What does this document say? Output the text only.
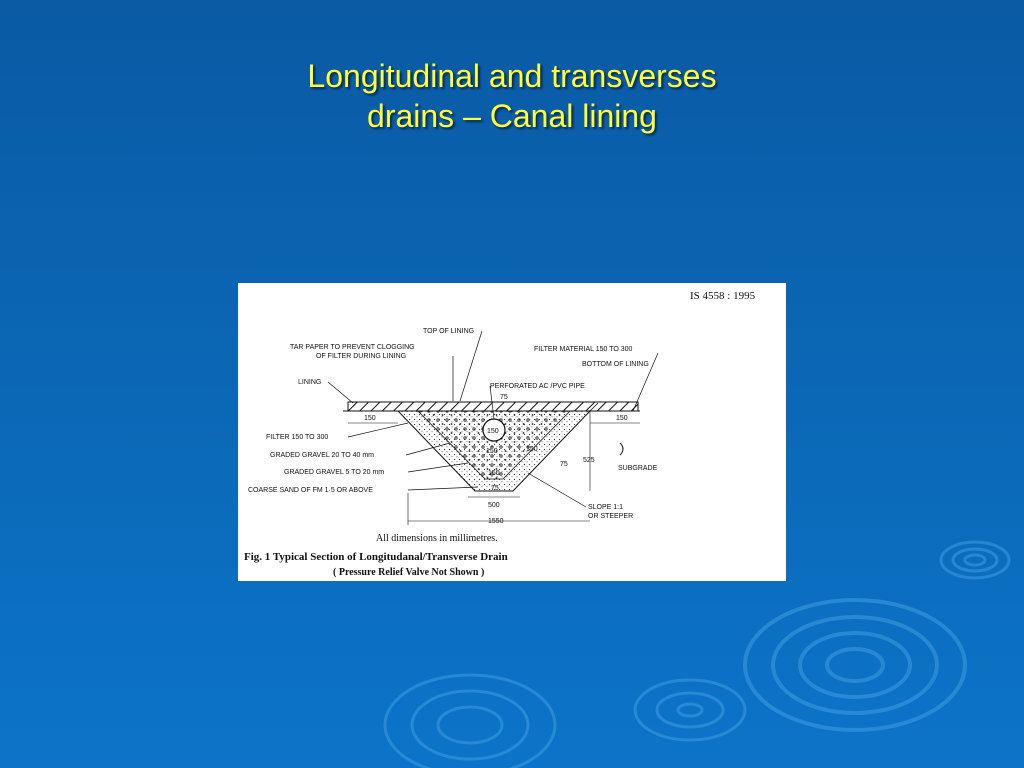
Longitudinal and transverses
drains – Canal lining
IS 4558 : 1995
150
TOP OF LINING
TAR PAPER TO PREVENT CLOGGING
OF FILTER DURING LINING
LINING
FILTER MATERIAL 150 TO 300
BOTTOM OF LINING
PERFORATED AC /PVC PIPE
FILTER 150 TO 300
GRADED GRAVEL 20 TO 40 mm
GRADED GRAVEL 5 TO 20 mm
COARSE SAND OF FM 1·5 OR ABOVE
SUBGRADE
SLOPE 1:1
OR STEEPER
75
150	150
150	150
75
525
150
75
500
1550
All dimensions in millimetres.
Fig. 1 Typical Section of Longitudanal/Transverse Drain
( Pressure Relief Valve Not Shown )
